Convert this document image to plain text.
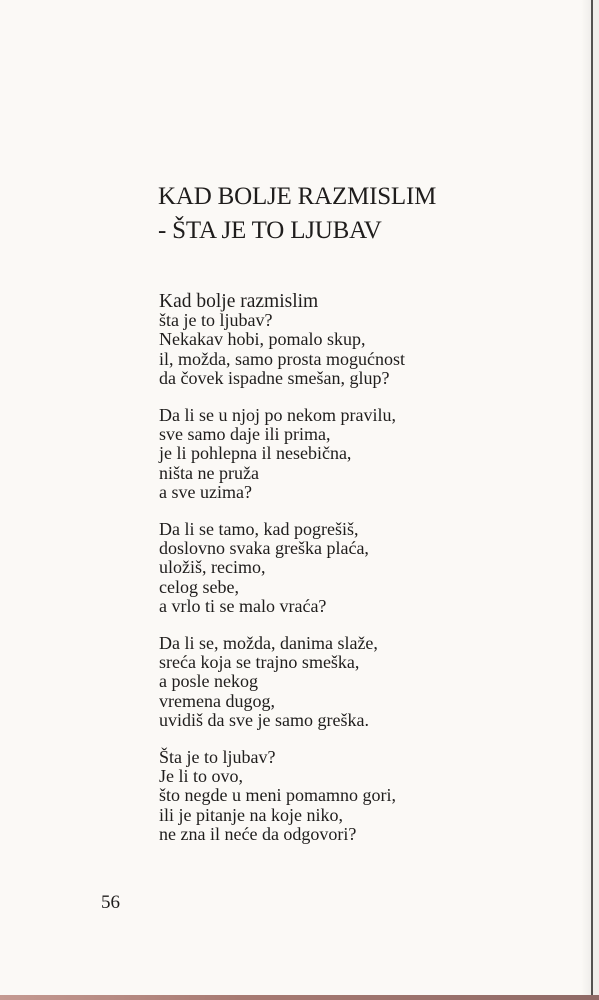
KAD BOLJE RAZMISLIM
- ŠTA JE TO LJUBAV
Kad bolje razmislim
šta je to ljubav?
Nekakav hobi, pomalo skup,
il, možda, samo prosta mogućnost
da čovek ispadne smešan, glup?
Da li se u njoj po nekom pravilu,
sve samo daje ili prima,
je li pohlepna il nesebična,
ništa ne pruža
a sve uzima?
Da li se tamo, kad pogrešiš,
doslovno svaka greška plaća,
uložiš, recimo,
celog sebe,
a vrlo ti se malo vraća?
Da li se, možda, danima slaže,
sreća koja se trajno smeška,
a posle nekog
vremena dugog,
uvidiš da sve je samo greška.
Šta je to ljubav?
Je li to ovo,
što negde u meni pomamno gori,
ili je pitanje na koje niko,
ne zna il neće da odgovori?
56
